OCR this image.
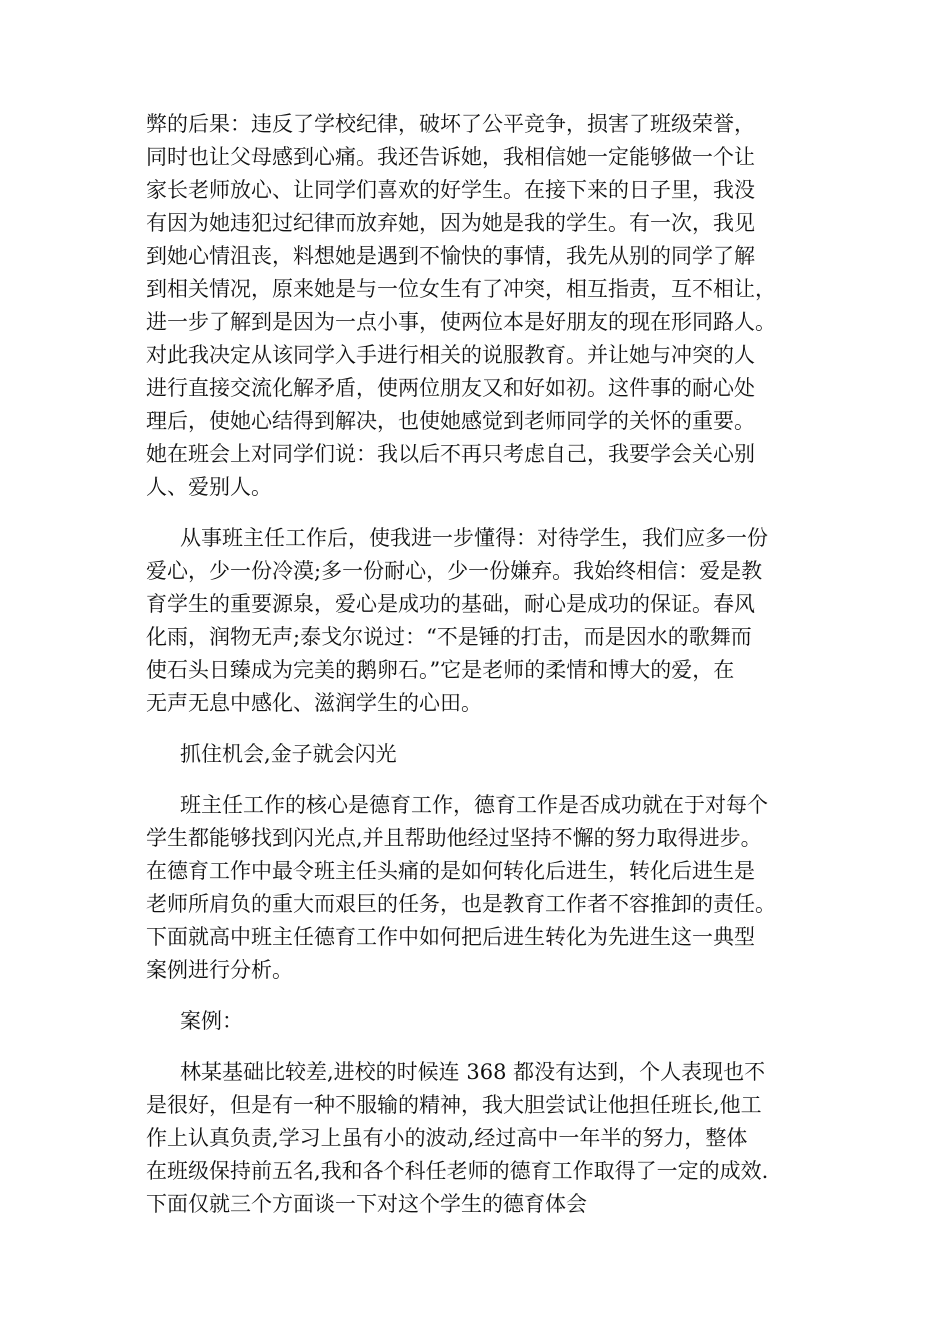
弊的后果：违反了学校纪律，破坏了公平竞争，损害了班级荣誉，
同时也让父母感到心痛。我还告诉她，我相信她一定能够做一个让
家长老师放心、让同学们喜欢的好学生。在接下来的日子里，我没
有因为她违犯过纪律而放弃她，因为她是我的学生。有一次，我见
到她心情沮丧，料想她是遇到不愉快的事情，我先从别的同学了解
到相关情况，原来她是与一位女生有了冲突，相互指责，互不相让，
进一步了解到是因为一点小事，使两位本是好朋友的现在形同路人。
对此我决定从该同学入手进行相关的说服教育。并让她与冲突的人
进行直接交流化解矛盾，使两位朋友又和好如初。这件事的耐心处
理后，使她心结得到解决，也使她感觉到老师同学的关怀的重要。
她在班会上对同学们说：我以后不再只考虑自己，我要学会关心别
人、爱别人。
从事班主任工作后，使我进一步懂得：对待学生，我们应多一份
爱心，少一份冷漠;多一份耐心，少一份嫌弃。我始终相信：爱是教
育学生的重要源泉，爱心是成功的基础，耐心是成功的保证。春风
化雨，润物无声;泰戈尔说过：“不是锤的打击，而是因水的歌舞而
使石头日臻成为完美的鹅卵石。”它是老师的柔情和博大的爱，在
无声无息中感化、滋润学生的心田。
抓住机会,金子就会闪光
班主任工作的核心是德育工作，德育工作是否成功就在于对每个
学生都能够找到闪光点,并且帮助他经过坚持不懈的努力取得进步。
在德育工作中最令班主任头痛的是如何转化后进生，转化后进生是
老师所肩负的重大而艰巨的任务，也是教育工作者不容推卸的责任。
下面就高中班主任德育工作中如何把后进生转化为先进生这一典型
案例进行分析。
案例：
林某基础比较差,进校的时候连 368 都没有达到，个人表现也不
是很好，但是有一种不服输的精神，我大胆尝试让他担任班长,他工
作上认真负责,学习上虽有小的波动,经过高中一年半的努力，整体
在班级保持前五名,我和各个科任老师的德育工作取得了一定的成效.
下面仅就三个方面谈一下对这个学生的德育体会
